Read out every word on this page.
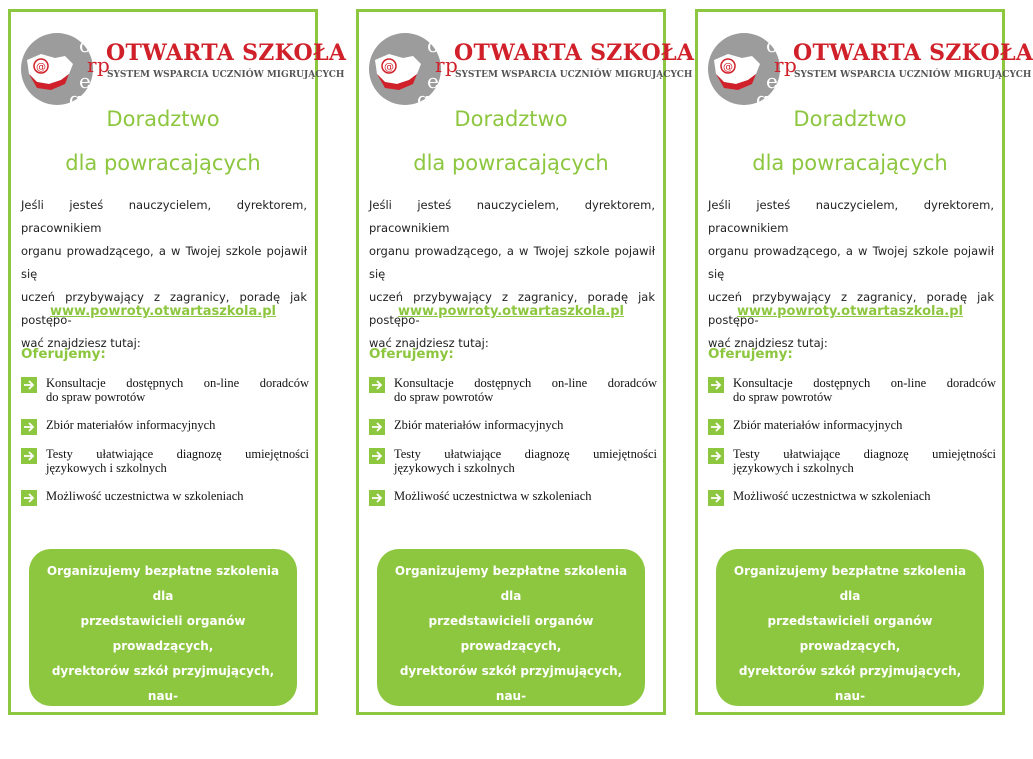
@
o
r p
e
g
OTWARTA SZKOŁA
SYSTEM WSPARCIA UCZNIÓW MIGRUJĄCYCH
Doradztwo
dla powracających
Jeśli jesteś nauczycielem, dyrektorem, pracownikiem
organu prowadzącego, a w Twojej szkole pojawił się
uczeń przybywający z zagranicy, poradę jak postępo-
wać znajdziesz tutaj:
www.powroty.otwartaszkola.pl
Oferujemy:
Konsultacje dostępnych on-line doradców
do spraw powrotów
Zbiór materiałów informacyjnych
Testy ułatwiające diagnozę umiejętności
językowych i szkolnych
Możliwość uczestnictwa w szkoleniach
Organizujemy bezpłatne szkolenia dla
przedstawicieli organów prowadzących,
dyrektorów szkół przyjmujących, nau-
czycieli. Zgłoszenia chęci udziału:
www.powroty.otwartaszkola.pl
@
o
r p
e
g
OTWARTA SZKOŁA
SYSTEM WSPARCIA UCZNIÓW MIGRUJĄCYCH
Doradztwo
dla powracających
Jeśli jesteś nauczycielem, dyrektorem, pracownikiem
organu prowadzącego, a w Twojej szkole pojawił się
uczeń przybywający z zagranicy, poradę jak postępo-
wać znajdziesz tutaj:
www.powroty.otwartaszkola.pl
Oferujemy:
Konsultacje dostępnych on-line doradców
do spraw powrotów
Zbiór materiałów informacyjnych
Testy ułatwiające diagnozę umiejętności
językowych i szkolnych
Możliwość uczestnictwa w szkoleniach
Organizujemy bezpłatne szkolenia dla
przedstawicieli organów prowadzących,
dyrektorów szkół przyjmujących, nau-
czycieli. Zgłoszenia chęci udziału:
www.powroty.otwartaszkola.pl
@
o
r p
e
g
OTWARTA SZKOŁA
SYSTEM WSPARCIA UCZNIÓW MIGRUJĄCYCH
Doradztwo
dla powracających
Jeśli jesteś nauczycielem, dyrektorem, pracownikiem
organu prowadzącego, a w Twojej szkole pojawił się
uczeń przybywający z zagranicy, poradę jak postępo-
wać znajdziesz tutaj:
www.powroty.otwartaszkola.pl
Oferujemy:
Konsultacje dostępnych on-line doradców
do spraw powrotów
Zbiór materiałów informacyjnych
Testy ułatwiające diagnozę umiejętności
językowych i szkolnych
Możliwość uczestnictwa w szkoleniach
Organizujemy bezpłatne szkolenia dla
przedstawicieli organów prowadzących,
dyrektorów szkół przyjmujących, nau-
czycieli. Zgłoszenia chęci udziału:
www.powroty.otwartaszkola.pl
